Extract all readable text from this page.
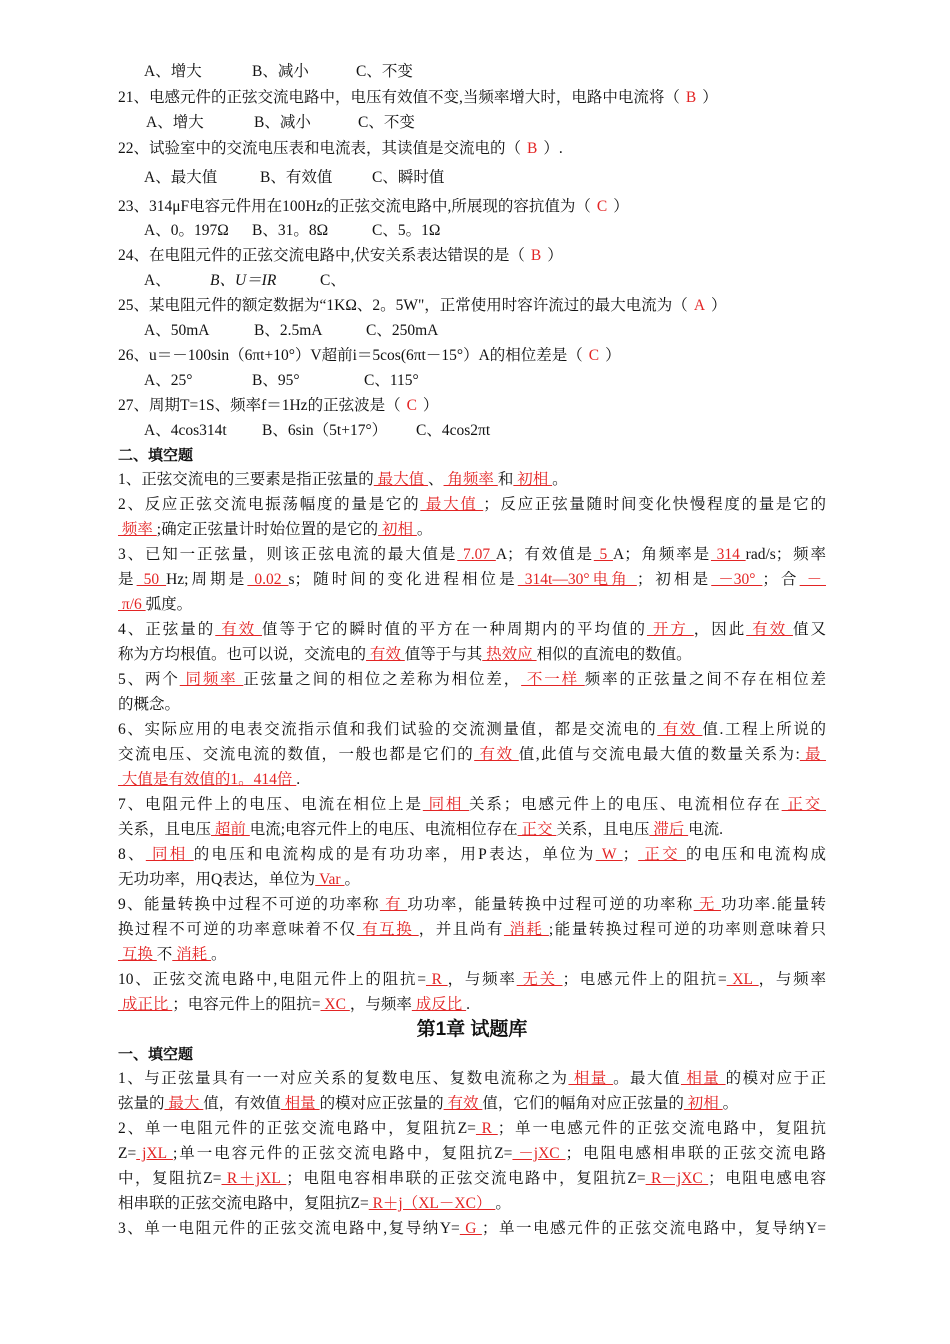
A、增大	B、减小	C、不变
21、电感元件的正弦交流电路中，电压有效值不变,当频率增大时，电路中电流将（ B ）
A、增大	B、减小	C、不变
22、试验室中的交流电压表和电流表，其读值是交流电的（ B ）.
A、最大值	B、有效值	C、瞬时值
23、314μF电容元件用在100Hz的正弦交流电路中,所展现的容抗值为（ C ）
A、0。197Ω B、31。8Ω	C、5。1Ω
24、在电阻元件的正弦交流电路中,伏安关系表达错误的是（ B ）
A、	B、U＝IR	C、
25、某电阻元件的额定数据为“1KΩ、2。5W"，正常使用时容许流过的最大电流为（ A ）
A、50mA	B、2.5mA	C、250mA
26、u＝－100sin（6πt+10°）V超前i＝5cos(6πt－15°）A的相位差是（ C ）
A、25°	B、95°	C、115°
27、周期T=1S、频率f＝1Hz的正弦波是（ C ）
A、4cos314t B、6sin（5t+17°） C、4cos2πt
二、填空题
1、正弦交流电的三要素是指正弦量的 最大值 、 角频率 和 初相 。
2、反应正弦交流电振荡幅度的量是它的 最大值 ；反应正弦量随时间变化快慢程度的量是它的
频率 ;确定正弦量计时始位置的是它的 初相 。
3、已知一正弦量，则该正弦电流的最大值是 7.07 A；有效值是 5 A；角频率是 314 rad/s；频率
是 50 Hz;周期是 0.02 s；随时间的变化进程相位是 314t—30°电角 ；初相是 －30° ；合 －
π/6 弧度。
4、正弦量的 有效 值等于它的瞬时值的平方在一种周期内的平均值的 开方 ，因此 有效 值又
称为方均根值。也可以说，交流电的 有效 值等于与其 热效应 相似的直流电的数值。
5、两个 同频率 正弦量之间的相位之差称为相位差， 不一样 频率的正弦量之间不存在相位差
的概念。
6、实际应用的电表交流指示值和我们试验的交流测量值，都是交流电的 有效 值.工程上所说的
交流电压、交流电流的数值，一般也都是它们的 有效 值,此值与交流电最大值的数量关系为: 最
大值是有效值的1。414倍 .
7、电阻元件上的电压、电流在相位上是 同相 关系；电感元件上的电压、电流相位存在 正交
关系，且电压 超前 电流;电容元件上的电压、电流相位存在 正交 关系，且电压 滞后 电流.
8、 同相 的电压和电流构成的是有功功率，用P表达，单位为 W ； 正交 的电压和电流构成
无功功率，用Q表达，单位为 Var 。
9、能量转换中过程不可逆的功率称 有 功功率，能量转换中过程可逆的功率称 无 功功率.能量转
换过程不可逆的功率意味着不仅 有互换 ，并且尚有 消耗 ;能量转换过程可逆的功率则意味着只
互换 不 消耗 。
10、正弦交流电路中,电阻元件上的阻抗= R ，与频率 无关 ；电感元件上的阻抗= XL ，与频率
成正比 ；电容元件上的阻抗= XC ，与频率 成反比 .
第1章 试题库
一、填空题
1、与正弦量具有一一对应关系的复数电压、复数电流称之为 相量 。最大值 相量 的模对应于正
弦量的 最大 值，有效值 相量 的模对应正弦量的 有效 值，它们的幅角对应正弦量的 初相 。
2、单一电阻元件的正弦交流电路中，复阻抗Z= R ；单一电感元件的正弦交流电路中，复阻抗
Z= jXL ;单一电容元件的正弦交流电路中，复阻抗Z= －jXC ；电阻电感相串联的正弦交流电路
中，复阻抗Z= R＋jXL ；电阻电容相串联的正弦交流电路中，复阻抗Z= R－jXC ；电阻电感电容
相串联的正弦交流电路中，复阻抗Z= R＋j（XL－XC） 。
3、单一电阻元件的正弦交流电路中,复导纳Y= G ；单一电感元件的正弦交流电路中，复导纳Y=
